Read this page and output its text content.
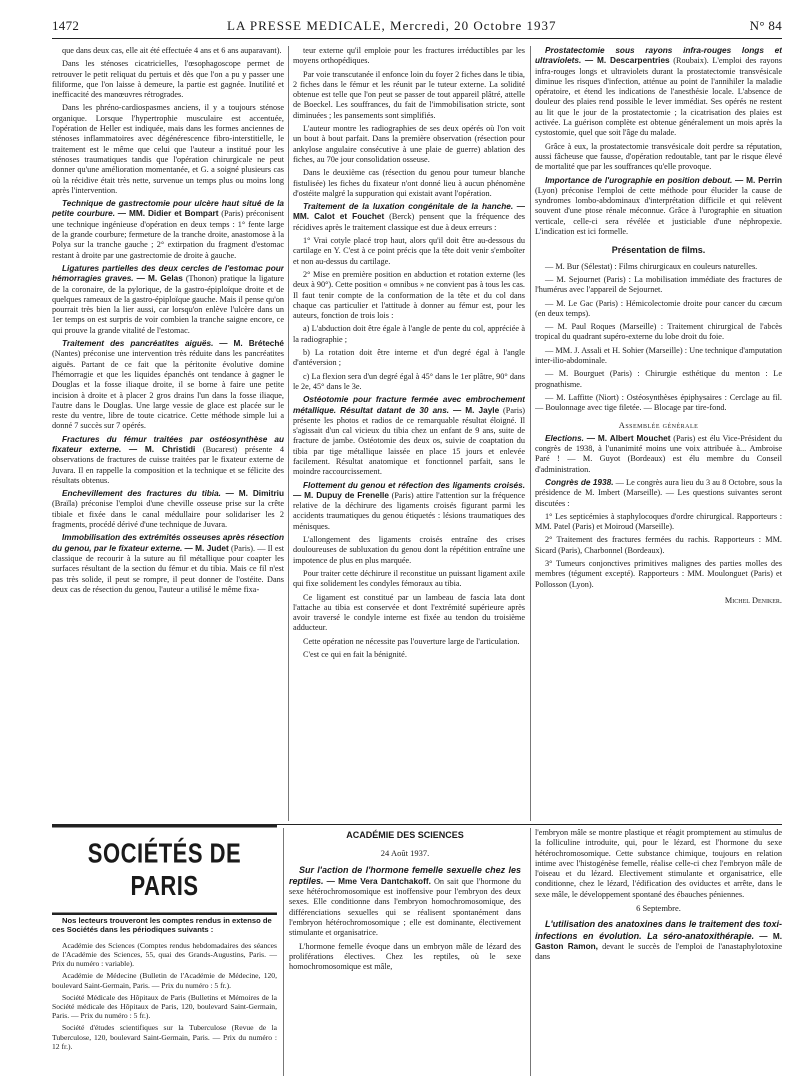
1472	LA PRESSE MEDICALE, Mercredi, 20 Octobre 1937	N° 84

que dans deux cas, elle ait été effectuée 4 ans et 6 ans auparavant).

Dans les sténoses cicatricielles, l'œsophagoscope permet de retrouver le petit reliquat du pertuis et dès que l'on a pu y passer une filiforme, que l'on laisse à demeure, la partie est gagnée. Inutilité et inefficacité des manœuvres rétrogrades.

Dans les phréno-cardiospasmes anciens, il y a toujours sténose organique. Lorsque l'hypertrophie musculaire est accentuée, l'opération de Heller est indiquée, mais dans les formes anciennes de sténoses inflammatoires avec dégénérescence fibro-interstitielle, le traitement est le même que celui que l'auteur a institué pour les sténoses traumatiques tandis que l'opération chirurgicale ne peut donner qu'une amélioration momentanée, et G. a soigné plusieurs cas où la récidive était très nette, survenue un temps plus ou moins long après l'intervention.

Technique de gastrectomie pour ulcère haut situé de la petite courbure. — MM. Didier et Bompart (Paris) préconisent une technique ingénieuse d'opération en deux temps : 1° fente large de la grande courbure; fermeture de la tranche droite, anastomose à la Polya sur la tranche gauche ; 2° extirpation du fragment d'estomac restant à droite par une gastrectomie de droite à gauche.

Ligatures partielles des deux cercles de l'estomac pour hémorragies graves. — M. Gelas (Thonon) pratique la ligature de la coronaire, de la pylorique, de la gastro-épiploïque droite et de quelques rameaux de la gastro-épiploïque gauche. Mais il pense qu'on pourrait très bien la lier aussi, car lorsqu'on enlève l'ulcère dans un 1er temps on est surpris de voir combien la tranche saigne encore, ce qui prouve la grande vitalité de l'estomac.

Traitement des pancréatites aiguës. — M. Bréteché (Nantes) préconise une intervention très réduite dans les pancréatites aiguës. Partant de ce fait que la péritonite évolutive domine l'hémorragie et que les liquides épanchés ont tendance à gagner le Douglas et la fosse iliaque droite, il se borne à faire une petite incision à droite et à placer 2 gros drains l'un dans la fosse iliaque, l'autre dans le Douglas. Une large vessie de glace est placée sur le reste du ventre, libre de toute cicatrice. Cette méthode simple lui a donné 7 succès sur 7 opérés.

Fractures du fémur traitées par ostéosynthèse au fixateur externe. — M. Christidi (Bucarest) présente 4 observations de fractures de cuisse traitées par le fixateur externe de Juvara. Il en rappelle la composition et la technique et se félicite des résultats obtenus.

Enchevillement des fractures du tibia. — M. Dimitriu (Braïla) préconise l'emploi d'une cheville osseuse prise sur la crête tibiale et fixée dans le canal médullaire pour solidariser les 2 fragments, procédé dérivé d'une technique de Juvara.

Immobilisation des extrémités osseuses après résection du genou, par le fixateur externe. — M. Judet (Paris). — Il est classique de recourir à la suture au fil métallique pour coapter les surfaces résultant de la section du fémur et du tibia. Mais ce fil n'est pas très solide, il peut se rompre, il peut donner de l'ostéite. Dans deux cas de résection du genou, l'auteur a utilisé le même fixa-

teur externe qu'il emploie pour les fractures irréductibles par les moyens orthopédiques.

Par voie transcutanée il enfonce loin du foyer 2 fiches dans le tibia, 2 fiches dans le fémur et les réunit par le tuteur externe. La solidité obtenue est telle que l'on peut se passer de tout appareil plâtré, attelle de Boeckel. Les souffrances, du fait de l'immobilisation stricte, sont diminuées ; les pansements sont simplifiés.

L'auteur montre les radiographies de ses deux opérés où l'on voit un bout à bout parfait. Dans la première observation (résection pour ankylose angulaire consécutive à une plaie de guerre) ablation des fiches, au 70e jour consolidation osseuse.

Dans le deuxième cas (résection du genou pour tumeur blanche fistulisée) les fiches du fixateur n'ont donné lieu à aucun phénomène d'ostéite malgré la suppuration qui existait avant l'opération.

Traitement de la luxation congénitale de la hanche. — MM. Calot et Fouchet (Berck) pensent que la fréquence des récidives après le traitement classique est due à deux erreurs :

1° Vrai cotyle placé trop haut, alors qu'il doit être au-dessous du cartilage en Y. C'est à ce point précis que la tête doit venir s'emboîter et non au-dessus du cartilage.

2° Mise en première position en abduction et rotation externe (les deux à 90°). Cette position « omnibus » ne convient pas à tous les cas. Il faut tenir compte de la conformation de la tête et du col dans chaque cas particulier et l'attitude à donner au fémur est, pour les auteurs, fonction de trois lois :

a) L'abduction doit être égale à l'angle de pente du col, appréciée à la radiographie ;

b) La rotation doit être interne et d'un degré égal à l'angle d'antéversion ;

c) La flexion sera d'un degré égal à 45° dans le 1er plâtre, 90° dans le 2e, 45° dans le 3e.

Ostéotomie pour fracture fermée avec embrochement métallique. Résultat datant de 30 ans. — M. Jayle (Paris) présente les photos et radios de ce remarquable résultat éloigné. Il s'agissait d'un cal vicieux du tibia chez un enfant de 9 ans, suite de fracture de jambe. Ostéotomie des deux os, suivie de coaptation du tibia par tige métallique laissée en place 15 jours et enlevée facilement. Résultat anatomique et fonctionnel parfait, sans le moindre raccourcissement.

Flottement du genou et réfection des ligaments croisés. — M. Dupuy de Frenelle (Paris) attire l'attention sur la fréquence relative de la déchirure des ligaments croisés figurant parmi les accidents traumatiques du genou étiquetés : lésions traumatiques des ménisques.

L'allongement des ligaments croisés entraîne des crises douloureuses de subluxation du genou dont la répétition entraîne une impotence de plus en plus marquée.

Pour traiter cette déchirure il reconstitue un puissant ligament axile qui fixe solidement les condyles fémoraux au tibia.

Ce ligament est constitué par un lambeau de fascia lata dont l'attache au tibia est conservée et dont l'extrémité supérieure après avoir traversé le condyle interne est fixée au tendon du troisième adducteur.

Cette opération ne nécessite pas l'ouverture large de l'articulation.

C'est ce qui en fait la bénignité.

Prostatectomie sous rayons infra-rouges longs et ultraviolets. — M. Descarpentries (Roubaix). L'emploi des rayons infra-rouges longs et ultraviolets durant la prostatectomie transvésicale diminue les risques d'infection, atténue au point de l'annihiler la maladie opératoire, et étend les indications de l'anesthésie locale. L'absence de douleur des plaies rend possible le lever immédiat. Ses opérés ne restent au lit que le jour de la prostatectomie ; la cicatrisation des plaies est activée. La guérison complète est obtenue généralement un mois après la cystostomie, quel que soit l'âge du malade.

Grâce à eux, la prostatectomie transvésicale doit perdre sa réputation, aussi fâcheuse que fausse, d'opération redoutable, tant par le risque élevé de mortalité que par les souffrances qu'elle provoque.

Importance de l'urographie en position debout. — M. Perrin (Lyon) préconise l'emploi de cette méthode pour élucider la cause de syndromes lombo-abdominaux d'interprétation difficile et qui relèvent souvent d'une ptose rénale méconnue. Grâce à l'urographie en situation verticale, celle-ci sera révélée et justiciable d'une néphropexie. L'indication est ici formelle.

Présentation de films.

— M. Bur (Sélestat) : Films chirurgicaux en couleurs naturelles.

— M. Sejournet (Paris) : La mobilisation immédiate des fractures de l'humérus avec l'appareil de Sejournet.

— M. Le Gac (Paris) : Hémicolectomie droite pour cancer du cæcum (en deux temps).

— M. Paul Roques (Marseille) : Traitement chirurgical de l'abcès tropical du quadrant supéro-externe du lobe droit du foie.

— MM. J. Assali et H. Sohier (Marseille) : Une technique d'amputation inter-ilio-abdominale.

— M. Bourguet (Paris) : Chirurgie esthétique du menton : Le prognathisme.

— M. Laffitte (Niort) : Ostéosynthèses épiphysaires : Cerclage au fil. — Boulonnage avec tige filetée. — Blocage par tire-fond.

Assemblée générale

Elections. — M. Albert Mouchet (Paris) est élu Vice-Président du congrès de 1938, à l'unanimité moins une voix attribuée à... Ambroise Paré ! — M. Guyot (Bordeaux) est élu membre du Conseil d'administration.

Congrès de 1938. — Le congrès aura lieu du 3 au 8 Octobre, sous la présidence de M. Imbert (Marseille). — Les questions suivantes seront discutées :

1° Les septicémies à staphylocoques d'ordre chirurgical. Rapporteurs : MM. Patel (Paris) et Moiroud (Marseille).

2° Traitement des fractures fermées du rachis. Rapporteurs : MM. Sicard (Paris), Charbonnel (Bordeaux).

3° Tumeurs conjonctives primitives malignes des parties molles des membres (tégument excepté). Rapporteurs : MM. Moulonguet (Paris) et Pollosson (Lyon).

Michel Deniker.
SOCIÉTÉS DE PARIS

Nos lecteurs trouveront les comptes rendus in extenso de ces Sociétés dans les périodiques suivants :

Académie des Sciences (Comptes rendus hebdomadaires des séances de l'Académie des Sciences, 55, quai des Grands-Augustins, Paris. — Prix du numéro : variable).

Académie de Médecine (Bulletin de l'Académie de Médecine, 120, boulevard Saint-Germain, Paris. — Prix du numéro : 5 fr.).

Société Médicale des Hôpitaux de Paris (Bulletins et Mémoires de la Société médicale des Hôpitaux de Paris, 120, boulevard Saint-Germain, Paris. — Prix du numéro : 5 fr.).

Société d'études scientifiques sur la Tuberculose (Revue de la Tuberculose, 120, boulevard Saint-Germain, Paris. — Prix du numéro : 12 fr.).

ACADÉMIE DES SCIENCES
24 Août 1937.

Sur l'action de l'hormone femelle sexuelle chez les reptiles. — Mme Vera Dantchakoff. On sait que l'hormone du sexe hétérochromosomique est inoffensive pour l'embryon des deux sexes. Elle conditionne dans l'embryon homochromosomique, des différenciations sexuelles qui se réalisent spontanément dans l'embryon hétérochromosomique ; elle est dominante, électivement stimulante et organisatrice.

L'hormone femelle évoque dans un embryon mâle de lézard des proliférations électives. Chez les reptiles, où le sexe homochromosomique est mâle,

l'embryon mâle se montre plastique et réagit promptement au stimulus de la folliculine introduite, qui, pour le lézard, est l'hormone du sexe hétérochromosomique. Cette substance chimique, toujours en relation intime avec l'histogénèse femelle, réalise celle-ci chez l'embryon mâle de l'oiseau et du lézard. Electivement stimulante et organisatrice, elle conditionne, chez le lézard, l'édification des oviductes et arrête, dans le sexe mâle, le développement spontané des ébauches péniennes.

6 Septembre.

L'utilisation des anatoxines dans le traitement des toxi-infections en évolution. La séro-anatoxithérapie. — M. Gaston Ramon, devant le succès de l'emploi de l'anastaphylotoxine dans
